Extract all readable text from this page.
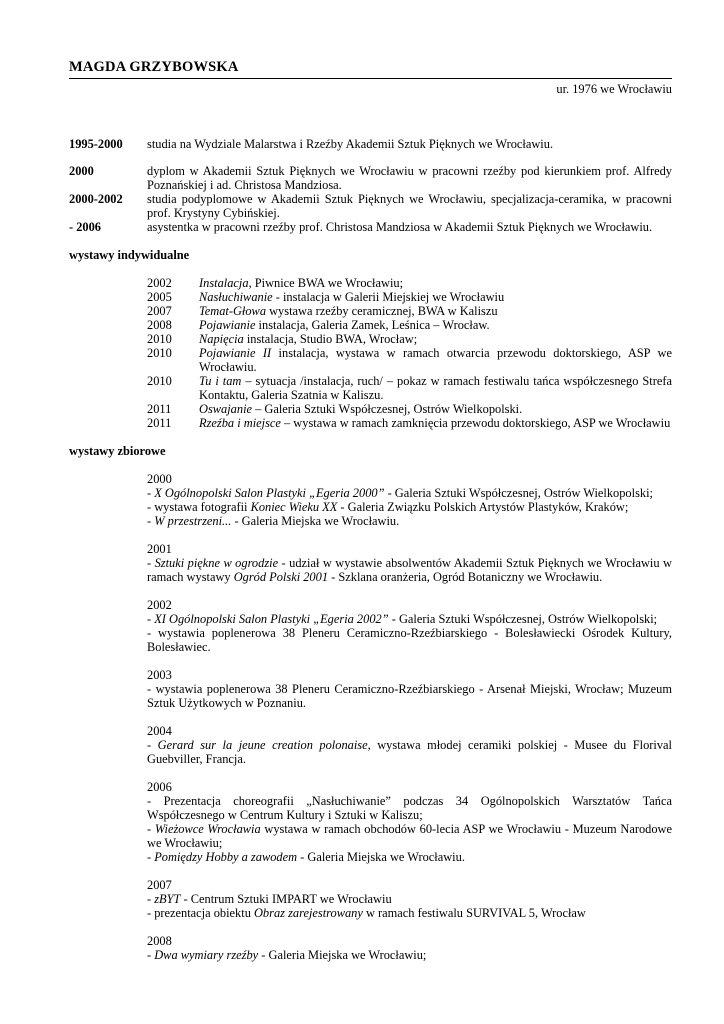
MAGDA GRZYBOWSKA
ur. 1976 we Wrocławiu
1995-2000	studia na Wydziale Malarstwa i Rzeźby Akademii Sztuk Pięknych we Wrocławiu.
2000	dyplom w Akademii Sztuk Pięknych we Wrocławiu w pracowni rzeźby pod kierunkiem prof. Alfredy Poznańskiej i ad. Christosa Mandziosa.
2000-2002	studia podyplomowe w Akademii Sztuk Pięknych we Wrocławiu, specjalizacja-ceramika, w pracowni prof. Krystyny Cybińskiej.
- 2006	asystentka w pracowni rzeźby prof. Christosa Mandziosa w Akademii Sztuk Pięknych we Wrocławiu.
wystawy indywidualne
2002	Instalacja, Piwnice BWA we Wrocławiu;
2005	Nasłuchiwanie - instalacja w Galerii Miejskiej we Wrocławiu
2007	Temat-Głowa wystawa rzeźby ceramicznej, BWA w Kaliszu
2008	Pojawianie instalacja, Galeria Zamek, Leśnica – Wrocław.
2010	Napięcia instalacja, Studio BWA, Wrocław;
2010	Pojawianie II instalacja, wystawa w ramach otwarcia przewodu doktorskiego, ASP we Wrocławiu.
2010	Tu i tam – sytuacja /instalacja, ruch/ – pokaz w ramach festiwalu tańca współczesnego Strefa Kontaktu, Galeria Szatnia w Kaliszu.
2011	Oswajanie – Galeria Sztuki Współczesnej, Ostrów Wielkopolski.
2011	Rzeźba i miejsce – wystawa w ramach zamknięcia przewodu doktorskiego, ASP we Wrocławiu
wystawy zbiorowe
2000
- X Ogólnopolski Salon Plastyki „Egeria 2000” - Galeria Sztuki Współczesnej, Ostrów Wielkopolski;
- wystawa fotografii Koniec Wieku XX - Galeria Związku Polskich Artystów Plastyków, Kraków;
- W przestrzeni... - Galeria Miejska we Wrocławiu.
2001
- Sztuki piękne w ogrodzie - udział w wystawie absolwentów Akademii Sztuk Pięknych we Wrocławiu w ramach wystawy Ogród Polski 2001 - Szklana oranżeria, Ogród Botaniczny we Wrocławiu.
2002
- XI Ogólnopolski Salon Plastyki „Egeria 2002” - Galeria Sztuki Współczesnej, Ostrów Wielkopolski;
- wystawia poplenerowa 38 Pleneru Ceramiczno-Rzeźbiarskiego - Bolesławiecki Ośrodek Kultury, Bolesławiec.
2003
- wystawia poplenerowa 38 Pleneru Ceramiczno-Rzeźbiarskiego - Arsenał Miejski, Wrocław; Muzeum Sztuk Użytkowych w Poznaniu.
2004
- Gerard sur la jeune creation polonaise, wystawa młodej ceramiki polskiej - Musee du Florival Guebviller, Francja.
2006
- Prezentacja choreografii „Nasłuchiwanie” podczas 34 Ogólnopolskich Warsztatów Tańca Współczesnego w Centrum Kultury i Sztuki w Kaliszu;
- Wieżowce Wrocławia wystawa w ramach obchodów 60-lecia ASP we Wrocławiu - Muzeum Narodowe we Wrocławiu;
- Pomiędzy Hobby a zawodem - Galeria Miejska we Wrocławiu.
2007
- zBYT - Centrum Sztuki IMPART we Wrocławiu
- prezentacja obiektu Obraz zarejestrowany w ramach festiwalu SURVIVAL 5, Wrocław
2008
- Dwa wymiary rzeźby - Galeria Miejska we Wrocławiu;
